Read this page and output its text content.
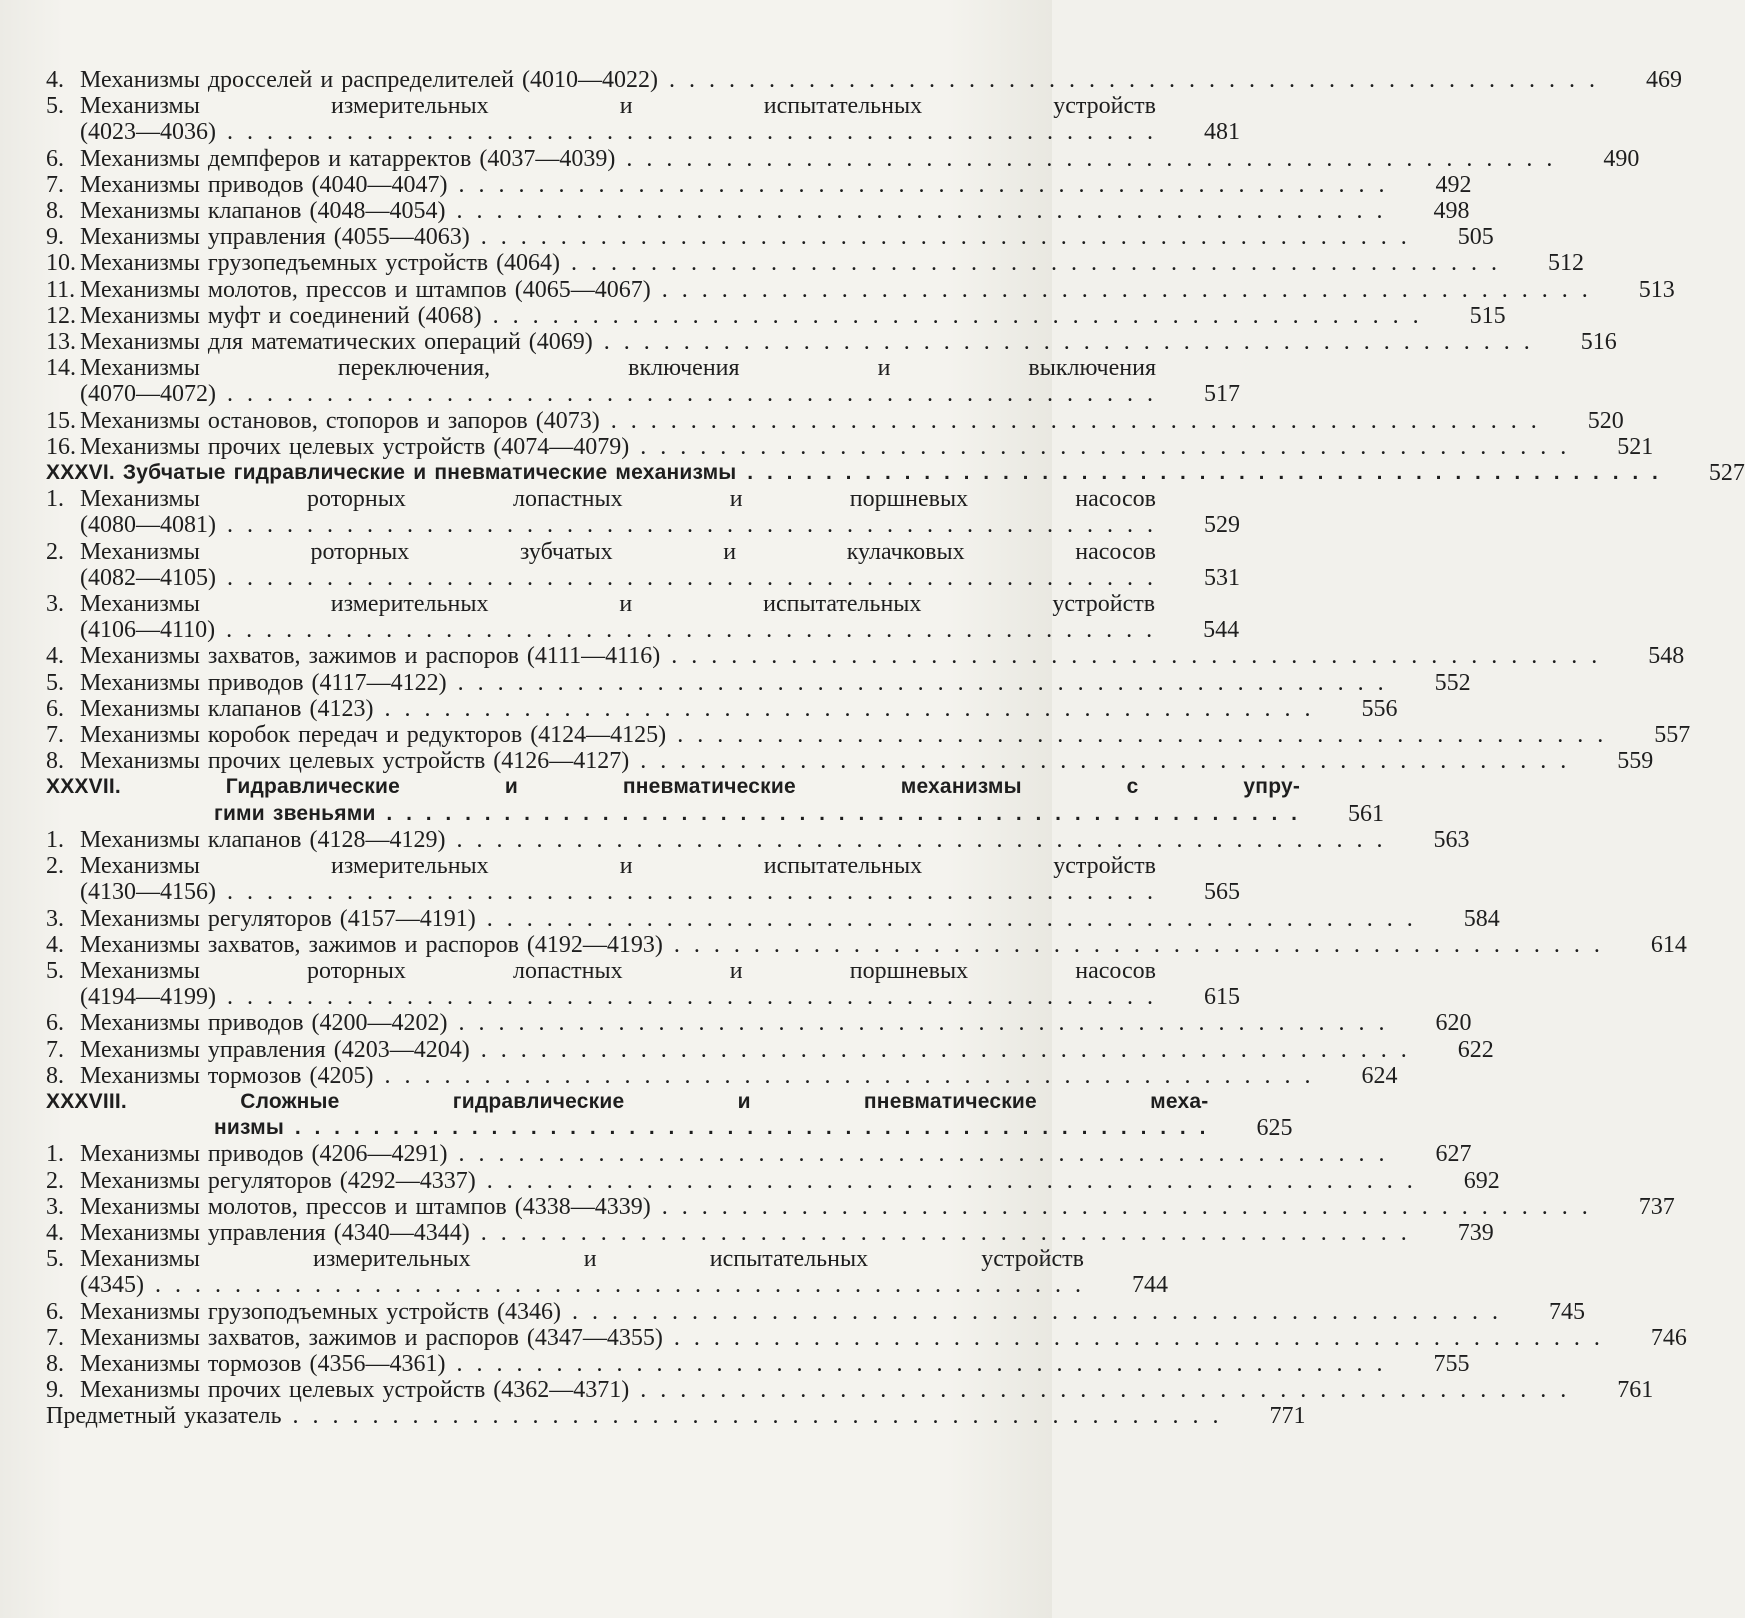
4. Механизмы дросселей и распределителей (4010—4022) . .	469
5. Механизмы измерительных и испытательных устройств
(4023—4036) . .	481
6. Механизмы демпферов и катарректов (4037—4039) . .	490
7. Механизмы приводов (4040—4047) . .	492
8. Механизмы клапанов (4048—4054) . .	498
9. Механизмы управления (4055—4063) . .	505
10. Механизмы грузопедъемных устройств (4064) . .	512
11. Механизмы молотов, прессов и штампов (4065—4067) . .	513
12. Механизмы муфт и соединений (4068) . .	515
13. Механизмы для математических операций (4069) . .	516
14. Механизмы переключения, включения и выключения
(4070—4072) . .	517
15. Механизмы остановов, стопоров и запоров (4073) . .	520
16. Механизмы прочих целевых устройств (4074—4079) . .	521
XXXVI. Зубчатые гидравлические и пневматические механизмы . .	527
1. Механизмы роторных лопастных и поршневых насосов
(4080—4081) . .	529
2. Механизмы роторных зубчатых и кулачковых насосов
(4082—4105) . .	531
3. Механизмы измерительных и испытательных устройств
(4106—4110) . .	544
4. Механизмы захватов, зажимов и распоров (4111—4116) . .	548
5. Механизмы приводов (4117—4122) . .	552
6. Механизмы клапанов (4123) . .	556
7. Механизмы коробок передач и редукторов (4124—4125) . .	557
8. Механизмы прочих целевых устройств (4126—4127) . .	559
XXXVII. Гидравлические и пневматические механизмы с упру-
гими звеньями . .	561
1. Механизмы клапанов (4128—4129) . .	563
2. Механизмы измерительных и испытательных устройств
(4130—4156) . .	565
3. Механизмы регуляторов (4157—4191) . .	584
4. Механизмы захватов, зажимов и распоров (4192—4193) . .	614
5. Механизмы роторных лопастных и поршневых насосов
(4194—4199) . .	615
6. Механизмы приводов (4200—4202) . .	620
7. Механизмы управления (4203—4204) . .	622
8. Механизмы тормозов (4205) . .	624
XXXVIII. Сложные гидравлические и пневматические меха-
низмы . .	625
1. Механизмы приводов (4206—4291) . .	627
2. Механизмы регуляторов (4292—4337) . .	692
3. Механизмы молотов, прессов и штампов (4338—4339) . .	737
4. Механизмы управления (4340—4344) . .	739
5. Механизмы измерительных и испытательных устройств
(4345) . .	744
6. Механизмы грузоподъемных устройств (4346) . .	745
7. Механизмы захватов, зажимов и распоров (4347—4355) . .	746
8. Механизмы тормозов (4356—4361) . .	755
9. Механизмы прочих целевых устройств (4362—4371) . .	761
Предметный указатель . .	771
